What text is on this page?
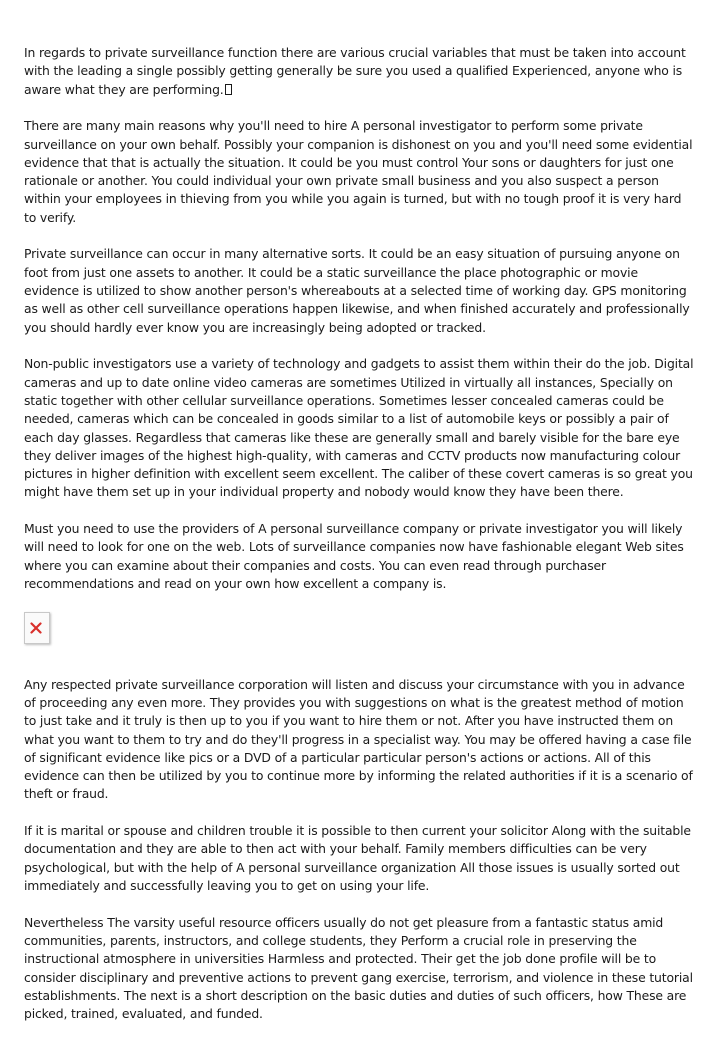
In regards to private surveillance function there are various crucial variables that must be taken into account with the leading a single possibly getting generally be sure you used a qualified Experienced, anyone who is aware what they are performing.

There are many main reasons why you'll need to hire A personal investigator to perform some private surveillance on your own behalf. Possibly your companion is dishonest on you and you'll need some evidential evidence that that is actually the situation. It could be you must control Your sons or daughters for just one rationale or another. You could individual your own private small business and you also suspect a person within your employees in thieving from you while you again is turned, but with no tough proof it is very hard to verify.

Private surveillance can occur in many alternative sorts. It could be an easy situation of pursuing anyone on foot from just one assets to another. It could be a static surveillance the place photographic or movie evidence is utilized to show another person's whereabouts at a selected time of working day. GPS monitoring as well as other cell surveillance operations happen likewise, and when finished accurately and professionally you should hardly ever know you are increasingly being adopted or tracked.

Non-public investigators use a variety of technology and gadgets to assist them within their do the job. Digital cameras and up to date online video cameras are sometimes Utilized in virtually all instances, Specially on static together with other cellular surveillance operations. Sometimes lesser concealed cameras could be needed, cameras which can be concealed in goods similar to a list of automobile keys or possibly a pair of each day glasses. Regardless that cameras like these are generally small and barely visible for the bare eye they deliver images of the highest high-quality, with cameras and CCTV products now manufacturing colour pictures in higher definition with excellent seem excellent. The caliber of these covert cameras is so great you might have them set up in your individual property and nobody would know they have been there.

Must you need to use the providers of A personal surveillance company or private investigator you will likely will need to look for one on the web. Lots of surveillance companies now have fashionable elegant Web sites where you can examine about their companies and costs. You can even read through purchaser recommendations and read on your own how excellent a company is.

Any respected private surveillance corporation will listen and discuss your circumstance with you in advance of proceeding any even more. They provides you with suggestions on what is the greatest method of motion to just take and it truly is then up to you if you want to hire them or not. After you have instructed them on what you want to them to try and do they'll progress in a specialist way. You may be offered having a case file of significant evidence like pics or a DVD of a particular particular person's actions or actions. All of this evidence can then be utilized by you to continue more by informing the related authorities if it is a scenario of theft or fraud.

If it is marital or spouse and children trouble it is possible to then current your solicitor Along with the suitable documentation and they are able to then act with your behalf. Family members difficulties can be very psychological, but with the help of A personal surveillance organization All those issues is usually sorted out immediately and successfully leaving you to get on using your life.

Nevertheless The varsity useful resource officers usually do not get pleasure from a fantastic status amid communities, parents, instructors, and college students, they Perform a crucial role in preserving the instructional atmosphere in universities Harmless and protected. Their get the job done profile will be to consider disciplinary and preventive actions to prevent gang exercise, terrorism, and violence in these tutorial establishments. The next is a short description on the basic duties and duties of such officers, how These are picked, trained, evaluated, and funded.
